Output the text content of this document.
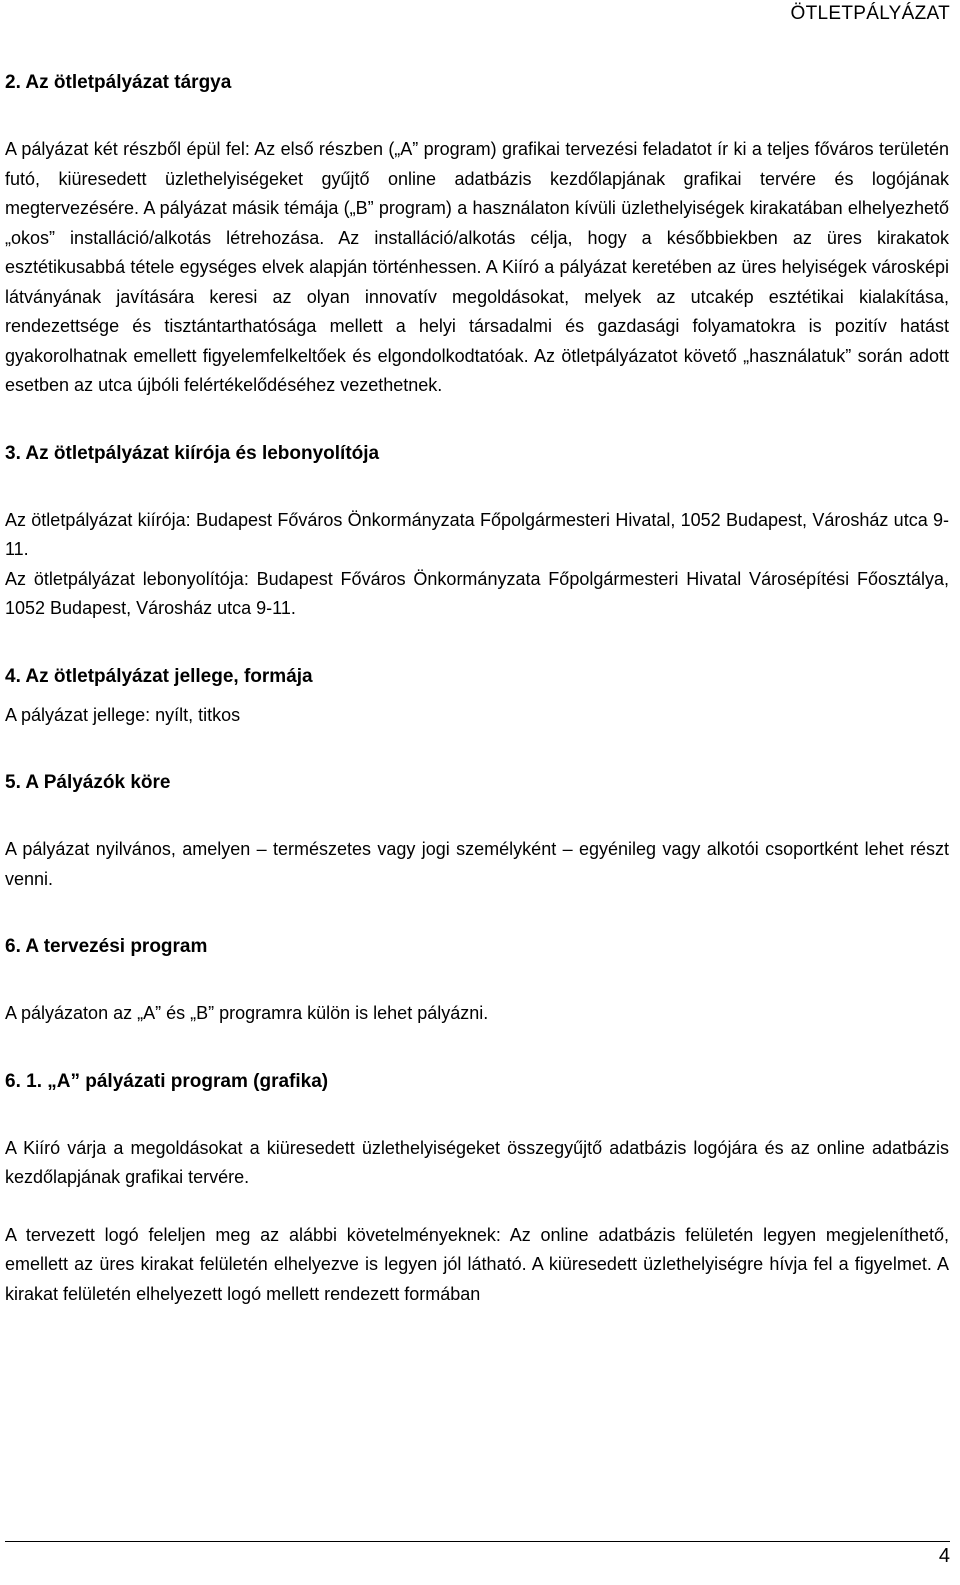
ÖTLETPÁLYÁZAT
2. Az ötletpályázat tárgya

A pályázat két részből épül fel: Az első részben („A” program) grafikai tervezési feladatot ír ki a teljes főváros területén futó, kiüresedett üzlethelyiségeket gyűjtő online adatbázis kezdőlapjának grafikai tervére és logójának megtervezésére. A pályázat másik témája („B” program) a használaton kívüli üzlethelyiségek kirakatában elhelyezhető „okos” installáció/alkotás létrehozása. Az installáció/alkotás célja, hogy a későbbiekben az üres kirakatok esztétikusabbá tétele egységes elvek alapján történhessen. A Kiíró a pályázat keretében az üres helyiségek városképi látványának javítására keresi az olyan innovatív megoldásokat, melyek az utcakép esztétikai kialakítása, rendezettsége és tisztántarthatósága mellett a helyi társadalmi és gazdasági folyamatokra is pozitív hatást gyakorolhatnak emellett figyelemfelkeltőek és elgondolkodtatóak. Az ötletpályázatot követő „használatuk” során adott esetben az utca újbóli felértékelődéséhez vezethetnek.

3. Az ötletpályázat kiírója és lebonyolítója

Az ötletpályázat kiírója: Budapest Főváros Önkormányzata Főpolgármesteri Hivatal, 1052 Budapest, Városház utca 9-11.

Az ötletpályázat lebonyolítója: Budapest Főváros Önkormányzata Főpolgármesteri Hivatal Városépítési Főosztálya, 1052 Budapest, Városház utca 9-11.

4. Az ötletpályázat jellege, formája

A pályázat jellege: nyílt, titkos

5. A Pályázók köre

A pályázat nyilvános, amelyen – természetes vagy jogi személyként – egyénileg vagy alkotói csoportként lehet részt venni.

6. A tervezési program

A pályázaton az „A” és „B” programra külön is lehet pályázni.

6. 1. „A” pályázati program (grafika)

A Kiíró várja a megoldásokat a kiüresedett üzlethelyiségeket összegyűjtő adatbázis logójára és az online adatbázis kezdőlapjának grafikai tervére.

A tervezett logó feleljen meg az alábbi követelményeknek: Az online adatbázis felületén legyen megjeleníthető, emellett az üres kirakat felületén elhelyezve is legyen jól látható. A kiüresedett üzlethelyiségre hívja fel a figyelmet. A kirakat felületén elhelyezett logó mellett rendezett formában

4
